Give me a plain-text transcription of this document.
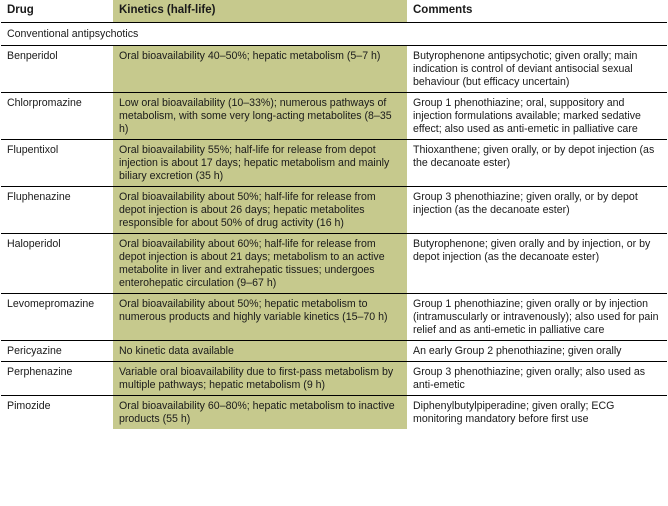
Drug	Kinetics (half-life)	Comments
Conventional antipsychotics		
Benperidol	Oral bioavailability 40–50%; hepatic metabolism (5–7 h)	Butyrophenone antipsychotic; given orally; main indication is control of deviant antisocial sexual behaviour (but efficacy uncertain)
Chlorpromazine	Low oral bioavailability (10–33%); numerous pathways of metabolism, with some very long-acting metabolites (8–35 h)	Group 1 phenothiazine; oral, suppository and injection formulations available; marked sedative effect; also used as anti-emetic in palliative care
Flupentixol	Oral bioavailability 55%; half-life for release from depot injection is about 17 days; hepatic metabolism and mainly biliary excretion (35 h)	Thioxanthene; given orally, or by depot injection (as the decanoate ester)
Fluphenazine	Oral bioavailability about 50%; half-life for release from depot injection is about 26 days; hepatic metabolites responsible for about 50% of drug activity (16 h)	Group 3 phenothiazine; given orally, or by depot injection (as the decanoate ester)
Haloperidol	Oral bioavailability about 60%; half-life for release from depot injection is about 21 days; metabolism to an active metabolite in liver and extrahepatic tissues; undergoes enterohepatic circulation (9–67 h)	Butyrophenone; given orally and by injection, or by depot injection (as the decanoate ester)
Levomepromazine	Oral bioavailability about 50%; hepatic metabolism to numerous products and highly variable kinetics (15–70 h)	Group 1 phenothiazine; given orally or by injection (intramuscularly or intravenously); also used for pain relief and as anti-emetic in palliative care
Pericyazine	No kinetic data available	An early Group 2 phenothiazine; given orally
Perphenazine	Variable oral bioavailability due to first-pass metabolism by multiple pathways; hepatic metabolism (9 h)	Group 3 phenothiazine; given orally; also used as anti-emetic
Pimozide	Oral bioavailability 60–80%; hepatic metabolism to inactive products (55 h)	Diphenylbutylpiperadine; given orally; ECG monitoring mandatory before first use
